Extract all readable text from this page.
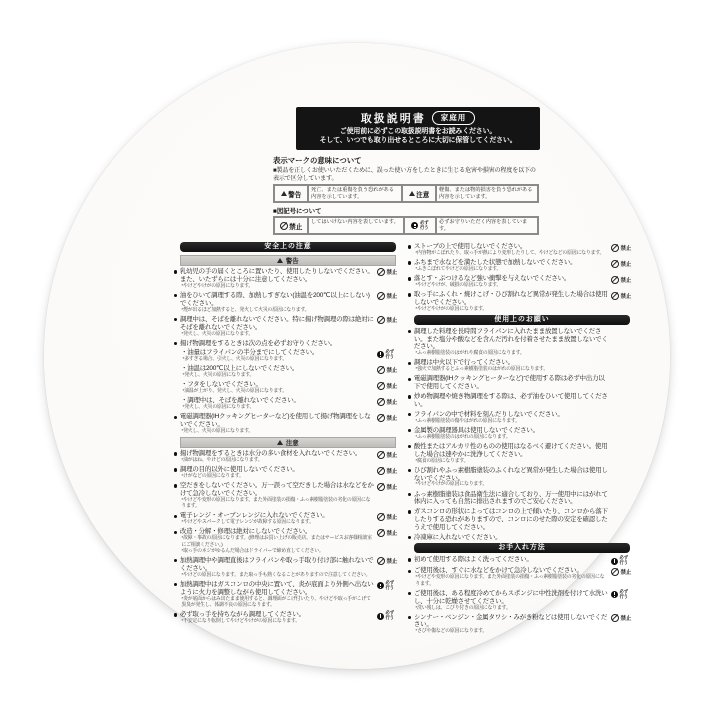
取扱説明書	家庭用
ご使用前に必ずこの取扱説明書をお読みください。
そして、いつでも取り出せるところに大切に保管してください。
表示マークの意味について
■製品を正しくお使いいただくために、誤った使い方をしたときに生じる危害や損害の程度を以下の表示で区分しています。
警告
死亡、または重傷を負う恐れがある内容を示しています。	注意
軽傷、または物的損害を負う恐れがある内容を示しています。
■図記号について
禁止
してはいけない内容を表しています。	必ず
行う
必ずお守りいただく内容を表しています。
安全上の注意
警告
乳幼児の手の届くところに置いたり、使用したりしないでください。また、いたずらには十分に注意してください。
*やけどやけがの原因になります。
禁止
油をひいて調理する際、加熱しすぎない(油温を200℃以上にしない)でください。
*煙が出るほど加熱すると、発火して火災の原因になります。
禁止
調理中は、そばを離れないでください。特に揚げ物調理の際は絶対にそばを離れないでください。
*発火し、火災の原因になります。
禁止
揚げ物調理をするときは次の点を必ずお守りください。
・油量はフライパンの半分までにしてください。
*多すぎる場合、引火し、火災の原因になります。
必ず
行う
・油温は200℃以上にしないでください。
*発火し、火災の原因になります。
禁止
・フタをしないでください。
*油温が上がり、発火し、火災の原因になります。
禁止
・調理中は、そばを離れないでください。
*発火し、火災の原因になります。
禁止
電磁調理器(IHクッキングヒーターなど)を使用して揚げ物調理をしないでください。
*発火し、火災の原因になります。
禁止
注意
揚げ物調理をするときは水分の多い食材を入れないでください。
*油がはね、やけどの原因になります。
禁止
調理の目的以外に使用しないでください。
*けがなどの原因になります。
禁止
空だきをしないでください。万一誤って空だきした場合は水などをかけて急冷しないでください。
*やけどや変形の原因になります。また外面塗装の損傷・ふっ素樹脂塗装の劣化の原因になります。
禁止
電子レンジ・オーブンレンジに入れないでください。
*やけどやスパークして電子レンジが故障する原因になります。
禁止
改造・分解・修理は絶対にしないでください。
*故障・事故の原因になります。(修理はお買い上げの販売店、またはサービスお客様相談室にご相談ください。)
*取っ手のネジがゆるんだ場合はドライバーで締め直してください。
禁止
加熱調理中や調理直後はフライパンや取っ手取り付け部に触れないでください。
*やけどの原因になります。また取っ手も熱くなることがありますので注意してください。
禁止
加熱調理中はガスコンロの中央に置いて、炎が底面より外側へ出ないように火力を調整しながら使用してください。
*炎が底面からはみ出たまま使用すると、調理面がこげ付いたり、やけどや取っ手がこげて異臭が発生し、体調不良の原因になります。
必ず
行う
必ず取っ手を持ちながら調理してください。
*不安定になり転倒してやけどやけがの原因になります。
必ず
行う
ストーブの上で使用しないでください。
*内容物がこぼれたり、取っ手が熱により変形したりして、やけどなどの原因になります。
禁止
ふちまで水などを満たした状態で加熱しないでください。
*ふきこぼれてやけどの原因になります。
禁止
落とす・ぶつけるなど強い衝撃を与えないでください。
*やけどやけが、破損の原因になります。
禁止
取っ手にふくれ・焼けこげ・ひび割れなど異常が発生した場合は使用しないでください。
*やけどやけがの原因になります。
禁止
使用上のお願い
調理した料理を長時間フライパンに入れたまま放置しないでください。また塩分や酸などを含んだ汚れを付着させたまま放置しないでください。
*ふっ素樹脂塗装のはがれや腐食の原因になります。
調理は中火以下で行ってください。
*強火で加熱するとふっ素樹脂塗装のはがれの原因になります。
電磁調理器(IHクッキングヒーターなど)で使用する際は必ず中出力以下で使用してください。
炒め物調理や焼き物調理をする際は、必ず油をひいて使用してください。
フライパンの中で材料を刻んだりしないでください。
*ふっ素樹脂塗装の傷やはがれの原因になります。
金属製の調理器具は使用しないでください。
*ふっ素樹脂塗装のはがれの原因になります。
酸性またはアルカリ性のものの使用はなるべく避けてください。使用した場合は速やかに洗浄してください。
*腐食の原因になります。
ひび割れやふっ素樹脂塗装のふくれなど異常が発生した場合は使用しないでください。
*やけどやけがの原因になります。
ふっ素樹脂塗装は食品衛生法に適合しており、万一使用中にはがれて体内に入っても自然に排出されますのでご安心ください。
ガスコンロの形状によってはコンロの上で傾いたり、コンロから落下したりする恐れがありますので、コンロにのせた際の安定を確認したうえで使用してください。
冷凍庫に入れないでください。
お手入れ方法
初めて使用する際はよく洗ってください。	必ず
行う
ご使用後は、すぐに水などをかけて急冷しないでください。
*やけどや変形の原因になります。また外面塗装の損傷・ふっ素樹脂塗装の劣化の原因になります。
禁止
ご使用後は、ある程度冷めてからスポンジに中性洗剤を付けて水洗いし、十分に乾燥させてください。
*洗い残しは、こびり付きの原因になります。
必ず
行う
シンナー・ベンジン・金属タワシ・みがき粉などは使用しないでください。
*さびや傷などの原因になります。
禁止
